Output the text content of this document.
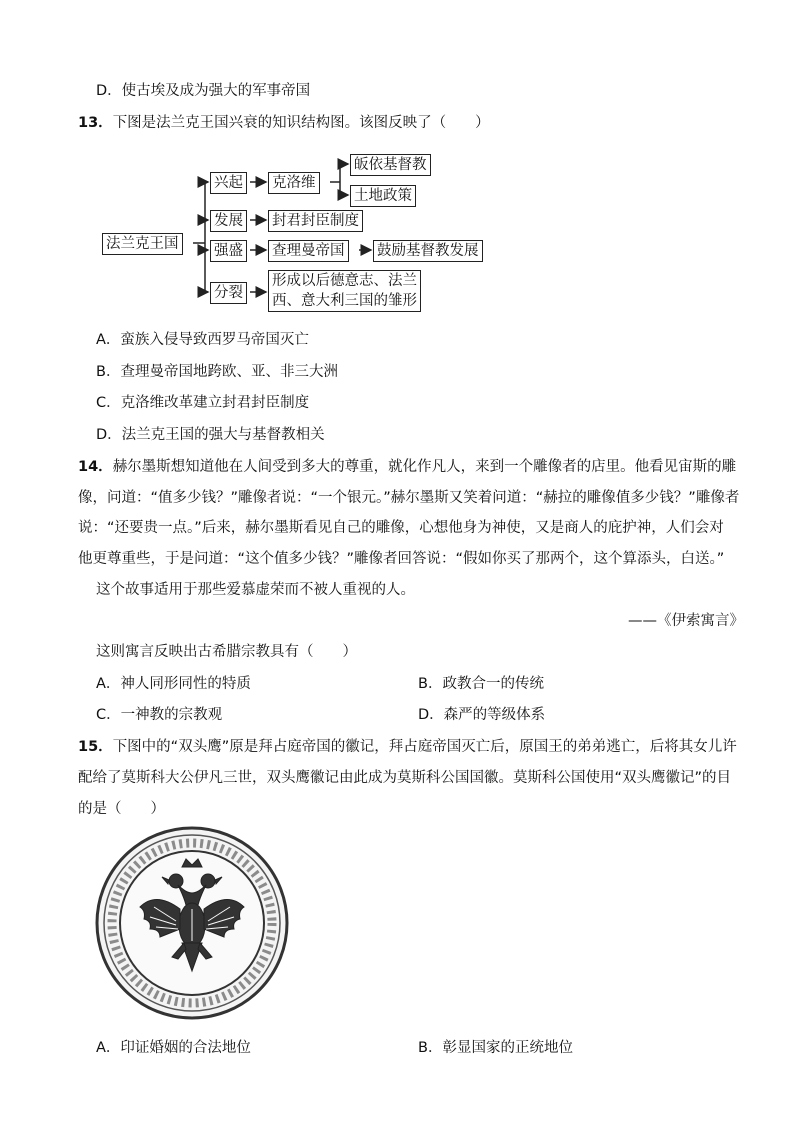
D．使古埃及成为强大的军事帝国
13．下图是法兰克王国兴衰的知识结构图。该图反映了（　　）
法兰克王国
兴起 克洛维
皈依基督教
土地政策
发展 封君封臣制度
强盛 查理曼帝国 鼓励基督教发展
分裂
形成以后德意志、法兰
西、意大利三国的雏形
A．蛮族入侵导致西罗马帝国灭亡
B．查理曼帝国地跨欧、亚、非三大洲
C．克洛维改革建立封君封臣制度
D．法兰克王国的强大与基督教相关
14．赫尔墨斯想知道他在人间受到多大的尊重，就化作凡人，来到一个雕像者的店里。他看见宙斯的雕
像，问道：“值多少钱？”雕像者说：“一个银元。”赫尔墨斯又笑着问道：“赫拉的雕像值多少钱？”雕像者
说：“还要贵一点。”后来，赫尔墨斯看见自己的雕像，心想他身为神使，又是商人的庇护神，人们会对
他更尊重些，于是问道：“这个值多少钱？”雕像者回答说：“假如你买了那两个，这个算添头，白送。”
这个故事适用于那些爱慕虚荣而不被人重视的人。
——《伊索寓言》
这则寓言反映出古希腊宗教具有（　　）
A．神人同形同性的特质	B．政教合一的传统
C．一神教的宗教观	D．森严的等级体系
15．下图中的“双头鹰”原是拜占庭帝国的徽记，拜占庭帝国灭亡后，原国王的弟弟逃亡，后将其女儿许
配给了莫斯科大公伊凡三世，双头鹰徽记由此成为莫斯科公国国徽。莫斯科公国使用“双头鹰徽记”的目
的是（　　）
A．印证婚姻的合法地位	B．彰显国家的正统地位
